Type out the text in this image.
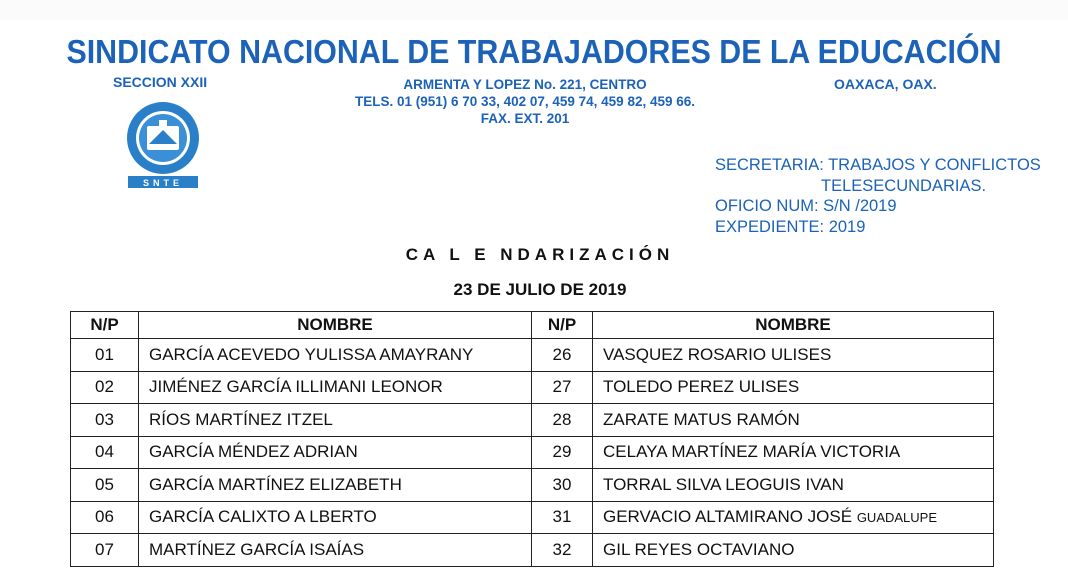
SINDICATO NACIONAL DE TRABAJADORES DE LA EDUCACIÓN
SECCION XXII	OAXACA, OAX.
ARMENTA Y LOPEZ No. 221, CENTRO
TELS. 01 (951) 6 70 33, 402 07, 459 74, 459 82, 459 66.
FAX. EXT. 201
SNTE
SECRETARIA: TRABAJOS Y CONFLICTOS
TELESECUNDARIAS.
OFICIO NUM: S/N /2019
EXPEDIENTE: 2019
CA L E NDARIZACIÓN
23 DE JULIO DE 2019
N/P	NOMBRE	N/P	NOMBRE
01	GARCÍA ACEVEDO YULISSA AMAYRANY	26	VASQUEZ ROSARIO ULISES
02	JIMÉNEZ GARCÍA ILLIMANI LEONOR	27	TOLEDO PEREZ ULISES
03	RÍOS MARTÍNEZ ITZEL	28	ZARATE MATUS RAMÓN
04	GARCÍA MÉNDEZ ADRIAN	29	CELAYA MARTÍNEZ MARÍA VICTORIA
05	GARCÍA MARTÍNEZ ELIZABETH	30	TORRAL SILVA LEOGUIS IVAN
06	GARCÍA CALIXTO A LBERTO	31	GERVACIO ALTAMIRANO JOSÉ GUADALUPE
07	MARTÍNEZ GARCÍA ISAÍAS	32	GIL REYES OCTAVIANO
